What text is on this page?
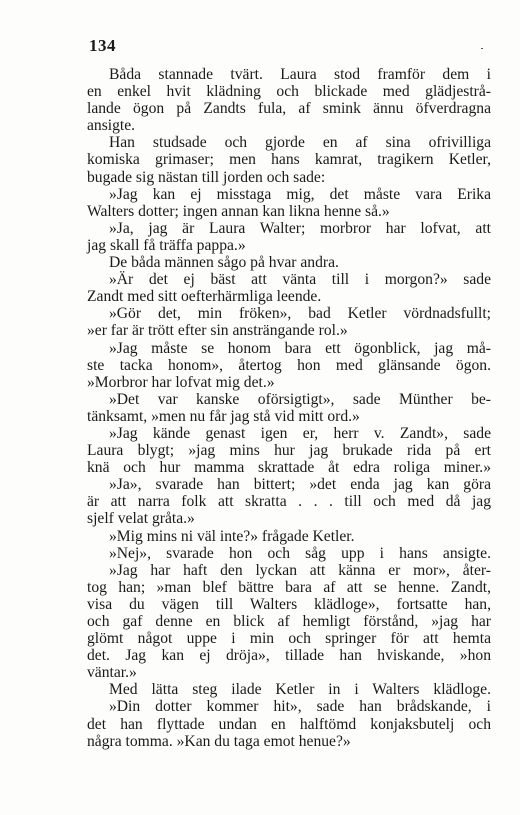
134
Båda stannade tvärt. Laura stod framför dem i
en enkel hvit klädning och blickade med glädjestrå-
lande ögon på Zandts fula, af smink ännu öfverdragna
ansigte.
Han studsade och gjorde en af sina ofrivilliga
komiska grimaser; men hans kamrat, tragikern Ketler,
bugade sig nästan till jorden och sade:
»Jag kan ej misstaga mig, det måste vara Erika
Walters dotter; ingen annan kan likna henne så.»
»Ja, jag är Laura Walter; morbror har lofvat, att
jag skall få träffa pappa.»
De båda männen sågo på hvar andra.
»Är det ej bäst att vänta till i morgon?» sade
Zandt med sitt oefterhärmliga leende.
»Gör det, min fröken», bad Ketler vördnadsfullt;
»er far är trött efter sin ansträngande rol.»
»Jag måste se honom bara ett ögonblick, jag må-
ste tacka honom», återtog hon med glänsande ögon.
»Morbror har lofvat mig det.»
»Det var kanske oförsigtigt», sade Münther be-
tänksamt, »men nu får jag stå vid mitt ord.»
»Jag kände genast igen er, herr v. Zandt», sade
Laura blygt; »jag mins hur jag brukade rida på ert
knä och hur mamma skrattade åt edra roliga miner.»
»Ja», svarade han bittert; »det enda jag kan göra
är att narra folk att skratta . . . till och med då jag
sjelf velat gråta.»
»Mig mins ni väl inte?» frågade Ketler.
»Nej», svarade hon och såg upp i hans ansigte.
»Jag har haft den lyckan att känna er mor», åter-
tog han; »man blef bättre bara af att se henne. Zandt,
visa du vägen till Walters klädloge», fortsatte han,
och gaf denne en blick af hemligt förstånd, »jag har
glömt något uppe i min och springer för att hemta
det. Jag kan ej dröja», tillade han hviskande, »hon
väntar.»
Med lätta steg ilade Ketler in i Walters klädloge.
»Din dotter kommer hit», sade han brådskande, i
det han flyttade undan en halftömd konjaksbutelj och
några tomma. »Kan du taga emot henue?»
